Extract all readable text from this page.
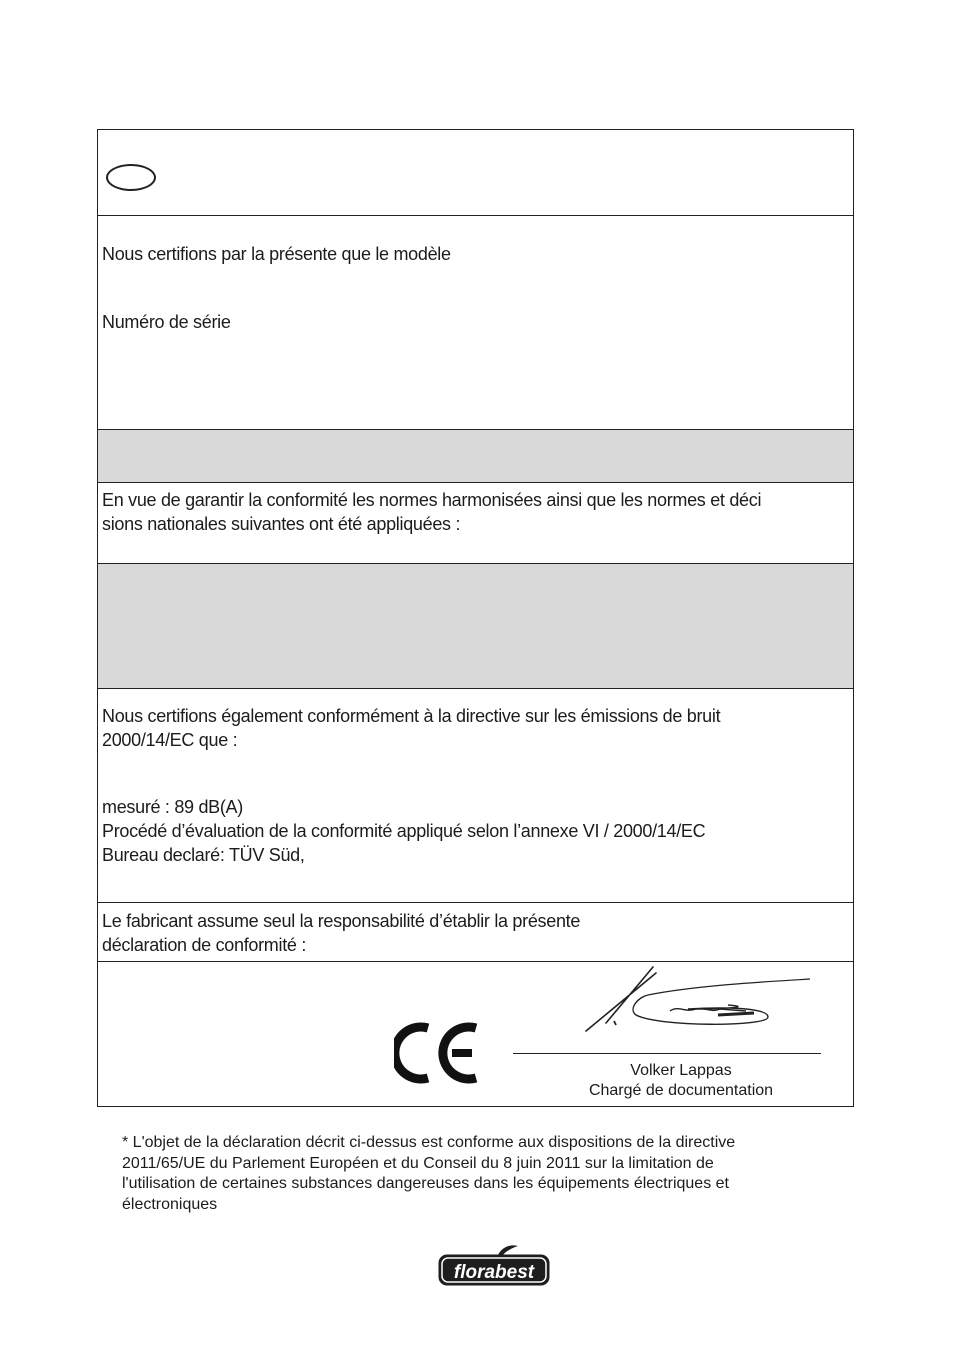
Nous certifions par la présente que le modèle
Numéro de série
En vue de garantir la conformité les normes harmonisées ainsi que les normes et déci
sions nationales suivantes ont été appliquées :
Nous certifions également conformément à la directive sur les émissions de bruit
2000/14/EC que :
mesuré : 89 dB(A)
Procédé d’évaluation de la conformité appliqué selon l’annexe VI / 2000/14/EC
Bureau declaré: TÜV Süd,
Le fabricant assume seul la responsabilité d’établir la présente
déclaration de conformité :
Volker Lappas
Chargé de documentation
* L'objet de la déclaration décrit ci-dessus est conforme aux dispositions de la directive
2011/65/UE du Parlement Européen et du Conseil du 8 juin 2011 sur la limitation de
l'utilisation de certaines substances dangereuses dans les équipements électriques et
électroniques
florabest
